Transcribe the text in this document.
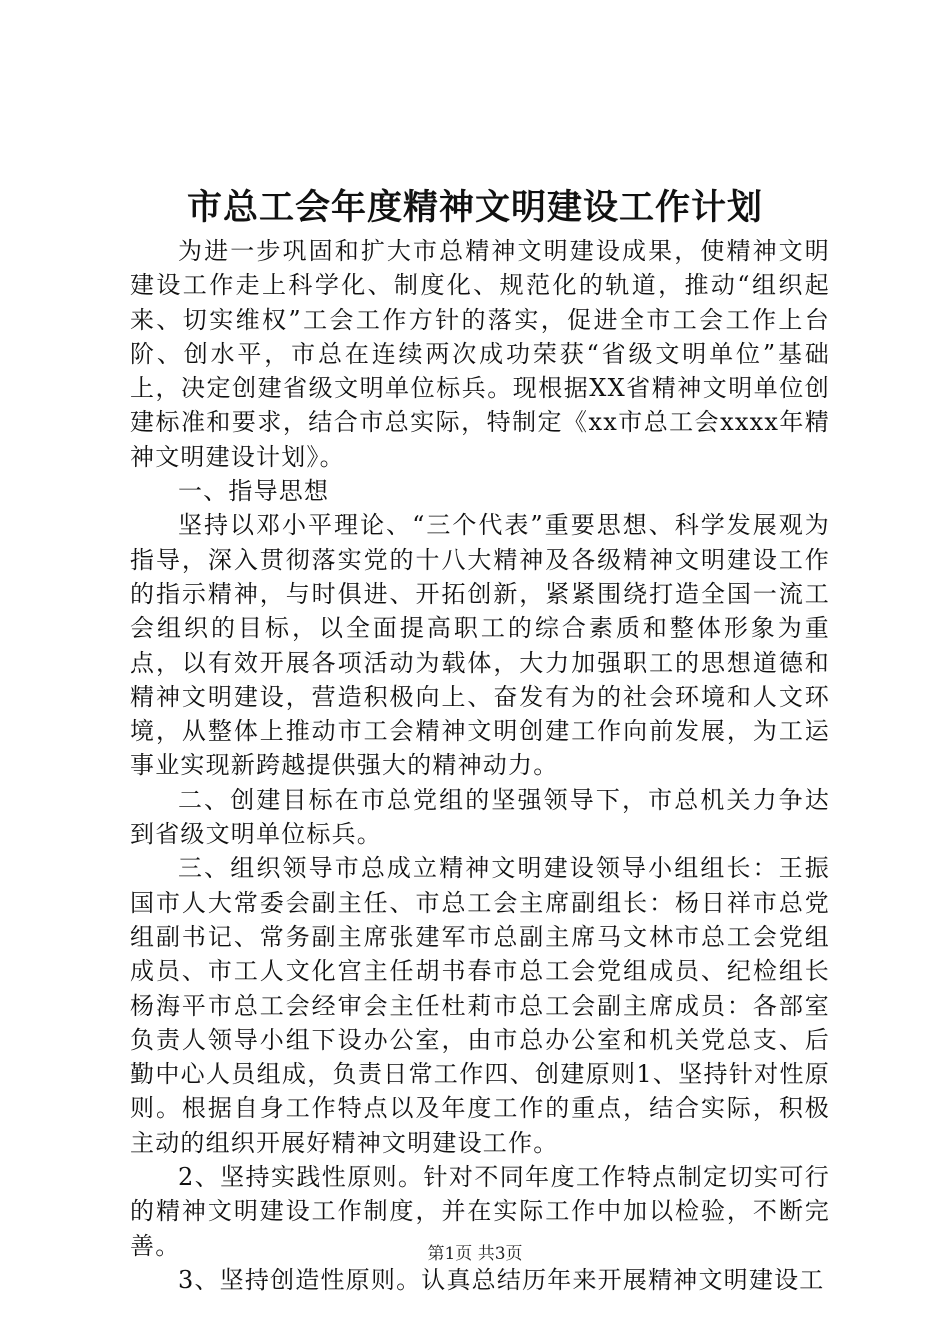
市总工会年度精神文明建设工作计划

为进一步巩固和扩大市总精神文明建设成果，使精神文明建设工作走上科学化、制度化、规范化的轨道，推动“组织起来、切实维权”工会工作方针的落实，促进全市工会工作上台阶、创水平，市总在连续两次成功荣获“省级文明单位”基础上，决定创建省级文明单位标兵。现根据XX省精神文明单位创建标准和要求，结合市总实际，特制定《xx市总工会xxxx年精神文明建设计划》。

一、指导思想

坚持以邓小平理论、“三个代表”重要思想、科学发展观为指导，深入贯彻落实党的十八大精神及各级精神文明建设工作的指示精神，与时俱进、开拓创新，紧紧围绕打造全国一流工会组织的目标，以全面提高职工的综合素质和整体形象为重点，以有效开展各项活动为载体，大力加强职工的思想道德和精神文明建设，营造积极向上、奋发有为的社会环境和人文环境，从整体上推动市工会精神文明创建工作向前发展，为工运事业实现新跨越提供强大的精神动力。

二、创建目标在市总党组的坚强领导下，市总机关力争达到省级文明单位标兵。

三、组织领导市总成立精神文明建设领导小组组长：王振国市人大常委会副主任、市总工会主席副组长：杨日祥市总党组副书记、常务副主席张建军市总副主席马文林市总工会党组成员、市工人文化宫主任胡书春市总工会党组成员、纪检组长杨海平市总工会经审会主任杜莉市总工会副主席成员：各部室负责人领导小组下设办公室，由市总办公室和机关党总支、后勤中心人员组成，负责日常工作四、创建原则1、坚持针对性原则。根据自身工作特点以及年度工作的重点，结合实际，积极主动的组织开展好精神文明建设工作。

2、坚持实践性原则。针对不同年度工作特点制定切实可行的精神文明建设工作制度，并在实际工作中加以检验，不断完善。

3、坚持创造性原则。认真总结历年来开展精神文明建设工

第1页 共3页
